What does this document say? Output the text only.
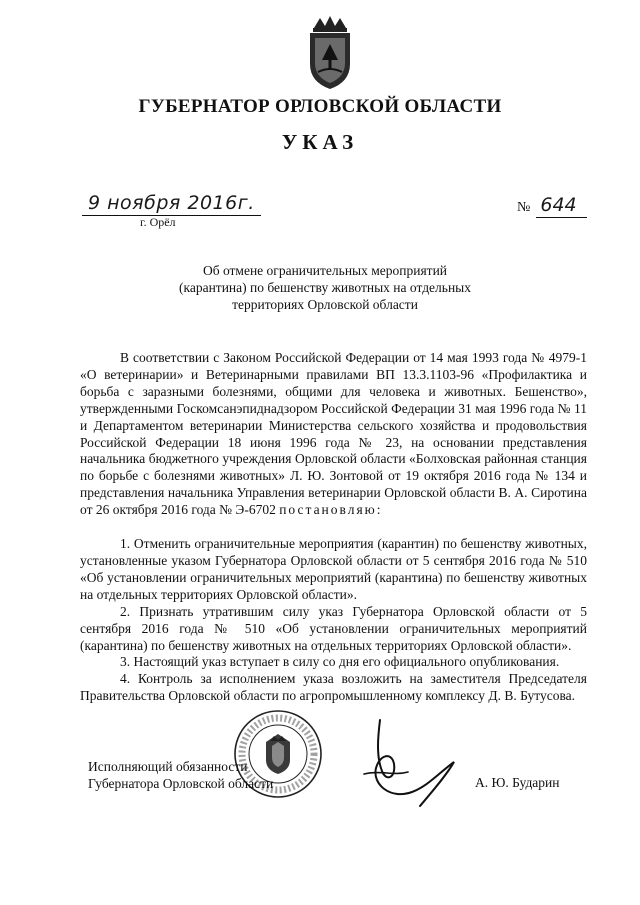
ГУБЕРНАТОР ОРЛОВСКОЙ ОБЛАСТИ
УКАЗ
9 ноября 2016г.
г. Орёл
№ 644
Об отмене ограничительных мероприятий
(карантина) по бешенству животных на отдельных
территориях Орловской области

В соответствии с Законом Российской Федерации от 14 мая 1993 года № 4979-1 «О ветеринарии» и Ветеринарными правилами ВП 13.3.1103-96 «Профилактика и борьба с заразными болезнями, общими для человека и животных. Бешенство», утвержденными Госкомсанэпиднадзором Российской Федерации 31 мая 1996 года № 11 и Департаментом ветеринарии Министерства сельского хозяйства и продовольствия Российской Федерации 18 июня 1996 года № 23, на основании представления начальника бюджетного учреждения Орловской области «Болховская районная станция по борьбе с болезнями животных» Л. Ю. Зонтовой от 19 октября 2016 года № 134 и представления начальника Управления ветеринарии Орловской области В. А. Сиротина от 26 октября 2016 года № Э-6702 постановляю:

1. Отменить ограничительные мероприятия (карантин) по бешенству животных, установленные указом Губернатора Орловской области от 5 сентября 2016 года № 510 «Об установлении ограничительных мероприятий (карантина) по бешенству животных на отдельных территориях Орловской области».

2. Признать утратившим силу указ Губернатора Орловской области от 5 сентября 2016 года № 510 «Об установлении ограничительных мероприятий (карантина) по бешенству животных на отдельных территориях Орловской области».

3. Настоящий указ вступает в силу со дня его официального опубликования.

4. Контроль за исполнением указа возложить на заместителя Председателя Правительства Орловской области по агропромышленному комплексу Д. В. Бутусова.

Исполняющий обязанности
Губернатора Орловской области	А. Ю. Бударин
